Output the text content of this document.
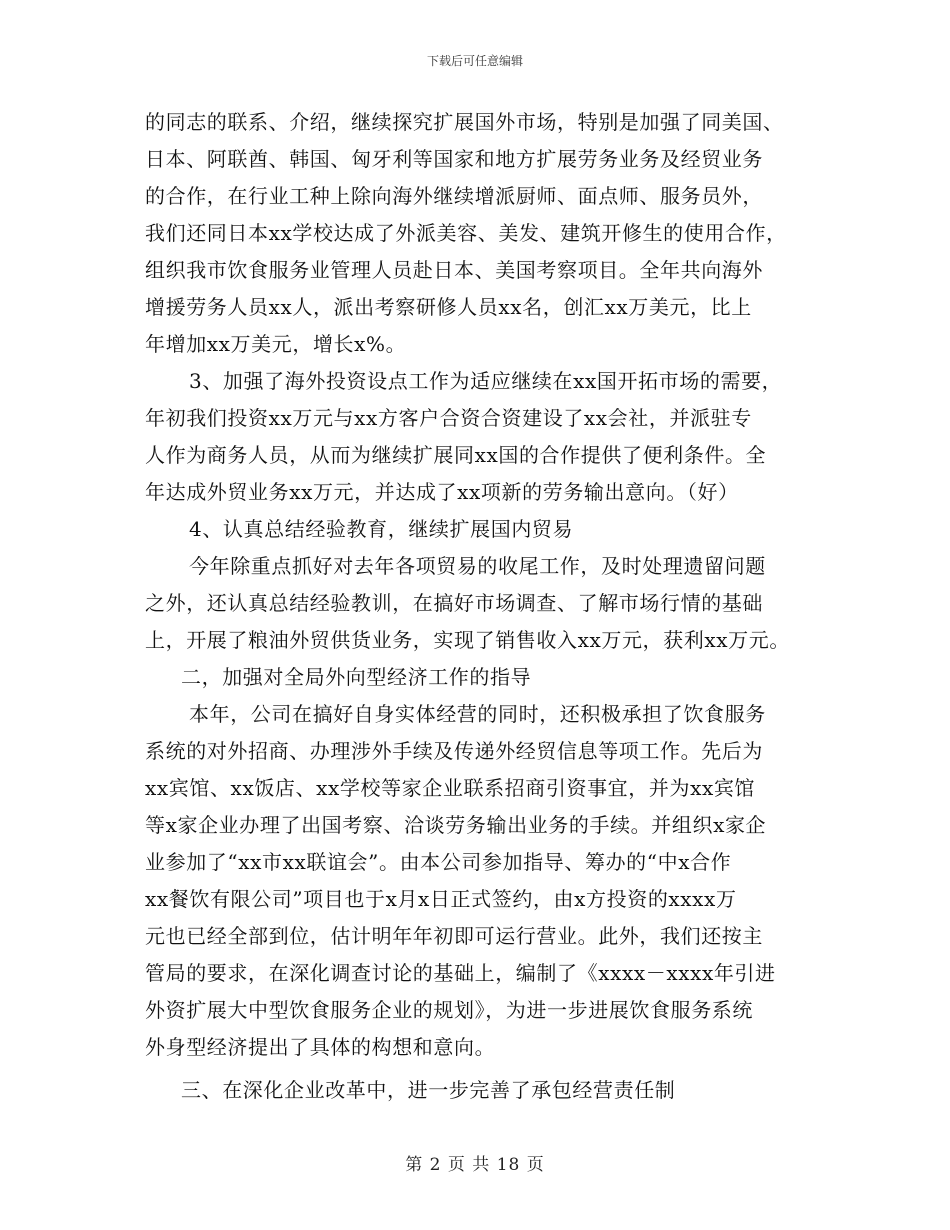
下载后可任意编辑
的同志的联系、介绍，继续探究扩展国外市场，特别是加强了同美国、
日本、阿联酋、韩国、匈牙利等国家和地方扩展劳务业务及经贸业务
的合作，在行业工种上除向海外继续增派厨师、面点师、服务员外，
我们还同日本xx学校达成了外派美容、美发、建筑开修生的使用合作，
组织我市饮食服务业管理人员赴日本、美国考察项目。全年共向海外
增援劳务人员xx人，派出考察研修人员xx名，创汇xx万美元，比上
年增加xx万美元，增长x%。
3、加强了海外投资设点工作为适应继续在xx国开拓市场的需要，
年初我们投资xx万元与xx方客户合资合资建设了xx会社，并派驻专
人作为商务人员，从而为继续扩展同xx国的合作提供了便利条件。全
年达成外贸业务xx万元，并达成了xx项新的劳务输出意向。（好）
4、认真总结经验教育，继续扩展国内贸易
今年除重点抓好对去年各项贸易的收尾工作，及时处理遗留问题
之外，还认真总结经验教训，在搞好市场调查、了解市场行情的基础
上，开展了粮油外贸供货业务，实现了销售收入xx万元，获利xx万元。
二，加强对全局外向型经济工作的指导
本年，公司在搞好自身实体经营的同时，还积极承担了饮食服务
系统的对外招商、办理涉外手续及传递外经贸信息等项工作。先后为
xx宾馆、xx饭店、xx学校等家企业联系招商引资事宜，并为xx宾馆
等x家企业办理了出国考察、洽谈劳务输出业务的手续。并组织x家企
业参加了“xx市xx联谊会”。由本公司参加指导、筹办的“中x合作
xx餐饮有限公司”项目也于x月x日正式签约，由x方投资的xxxx万
元也已经全部到位，估计明年年初即可运行营业。此外，我们还按主
管局的要求，在深化调查讨论的基础上，编制了《xxxx－xxxx年引进
外资扩展大中型饮食服务企业的规划》，为进一步进展饮食服务系统
外身型经济提出了具体的构想和意向。
三、在深化企业改革中，进一步完善了承包经营责任制
第 2 页 共 18 页
